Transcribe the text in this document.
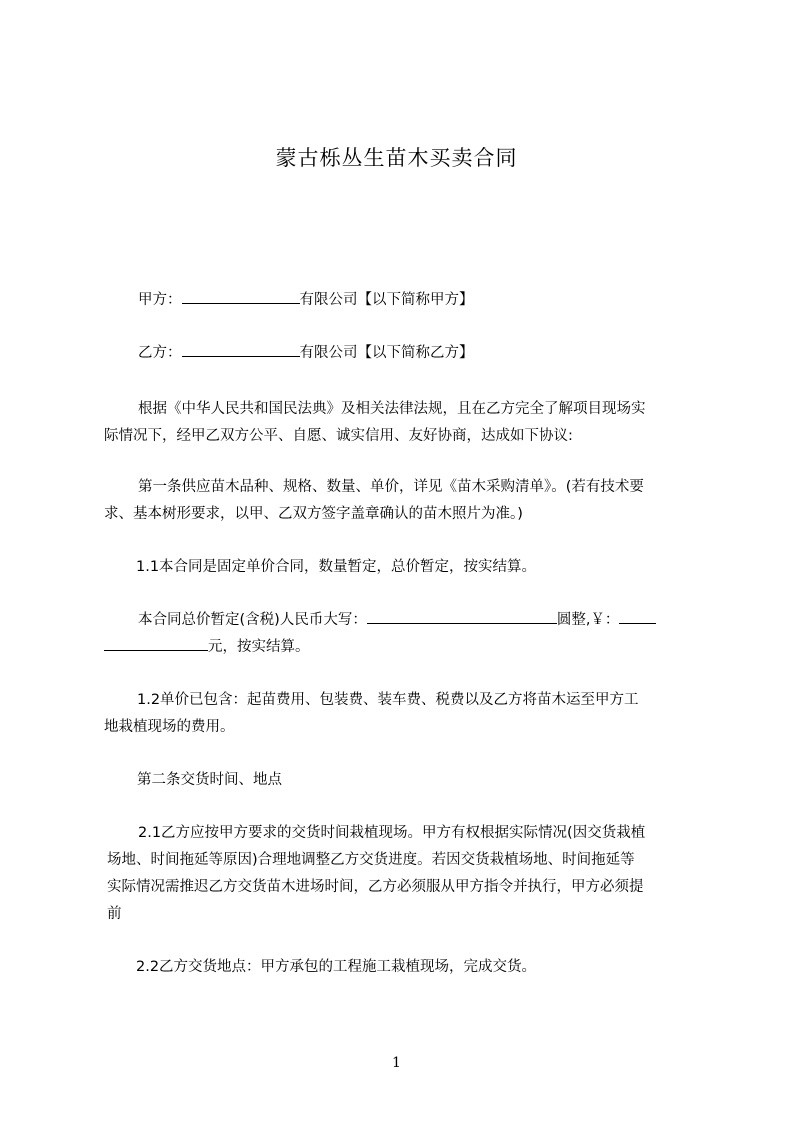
蒙古栎丛生苗木买卖合同
甲方：	有限公司【以下简称甲方】
乙方：	有限公司【以下简称乙方】
根据《中华人民共和国民法典》及相关法律法规，且在乙方完全了解项目现场实
际情况下，经甲乙双方公平、自愿、诚实信用、友好协商，达成如下协议:
第一条供应苗木品种、规格、数量、单价，详见《苗木采购清单》。(若有技术要
求、基本树形要求，以甲、乙双方签字盖章确认的苗木照片为准。)
1.1本合同是固定单价合同，数量暂定，总价暂定，按实结算。
本合同总价暂定(含税)人民币大写：	圆整,￥：
元，按实结算。
1.2单价已包含：起苗费用、包装费、装车费、税费以及乙方将苗木运至甲方工
地栽植现场的费用。
第二条交货时间、地点
2.1乙方应按甲方要求的交货时间栽植现场。甲方有权根据实际情况(因交货栽植
场地、时间拖延等原因)合理地调整乙方交货进度。若因交货栽植场地、时间拖延等
实际情况需推迟乙方交货苗木进场时间，乙方必须服从甲方指令并执行，甲方必须提
前
2.2乙方交货地点：甲方承包的工程施工栽植现场，完成交货。
1
